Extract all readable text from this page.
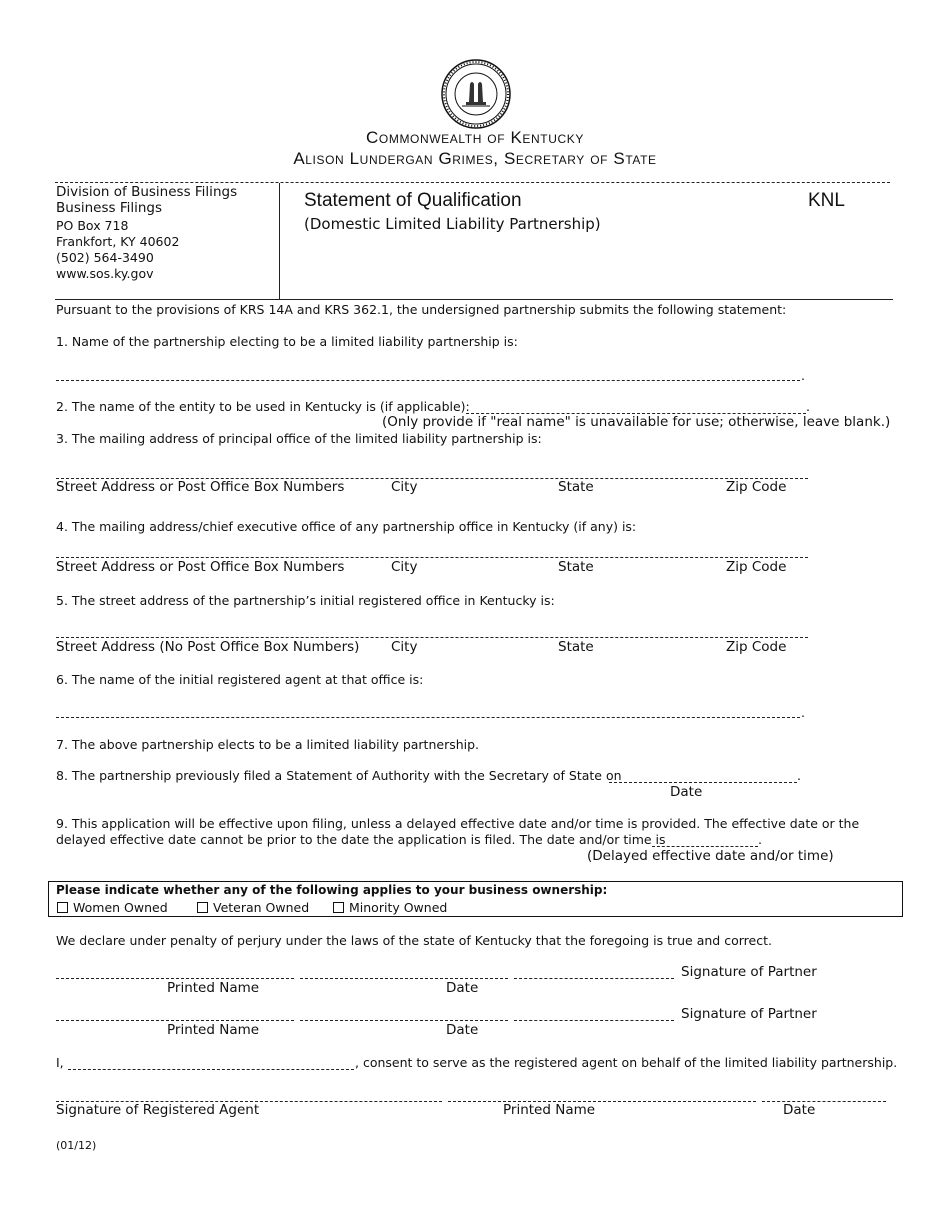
Commonwealth of Kentucky
Alison Lundergan Grimes, Secretary of State
Division of Business Filings
Business Filings
PO Box 718
Frankfort, KY 40602
(502) 564-3490
www.sos.ky.gov
Statement of Qualification
(Domestic Limited Liability Partnership)
KNL
Pursuant to the provisions of KRS 14A and KRS 362.1, the undersigned partnership submits the following statement:
1. Name of the partnership electing to be a limited liability partnership is:
.
2. The name of the entity to be used in Kentucky is (if applicable):	.
(Only provide if "real name" is unavailable for use; otherwise, leave blank.)
3. The mailing address of principal office of the limited liability partnership is:
Street Address or Post Office Box Numbers	City	State	Zip Code
4. The mailing address/chief executive office of any partnership office in Kentucky (if any) is:
Street Address or Post Office Box Numbers	City	State	Zip Code
5. The street address of the partnership’s initial registered office in Kentucky is:
Street Address (No Post Office Box Numbers) City	State	Zip Code
6. The name of the initial registered agent at that office is:
.
7. The above partnership elects to be a limited liability partnership.
8. The partnership previously filed a Statement of Authority with the Secretary of State on	.
Date
9. This application will be effective upon filing, unless a delayed effective date and/or time is provided. The effective date or the
delayed effective date cannot be prior to the date the application is filed. The date and/or time is	.
(Delayed effective date and/or time)
Please indicate whether any of the following applies to your business ownership:
Women Owned	Veteran Owned	Minority Owned
We declare under penalty of perjury under the laws of the state of Kentucky that the foregoing is true and correct.
Signature of Partner
Printed Name	Date
Signature of Partner
Printed Name	Date
I,	, consent to serve as the registered agent on behalf of the limited liability partnership.
Signature of Registered Agent	Printed Name	Date
(01/12)
